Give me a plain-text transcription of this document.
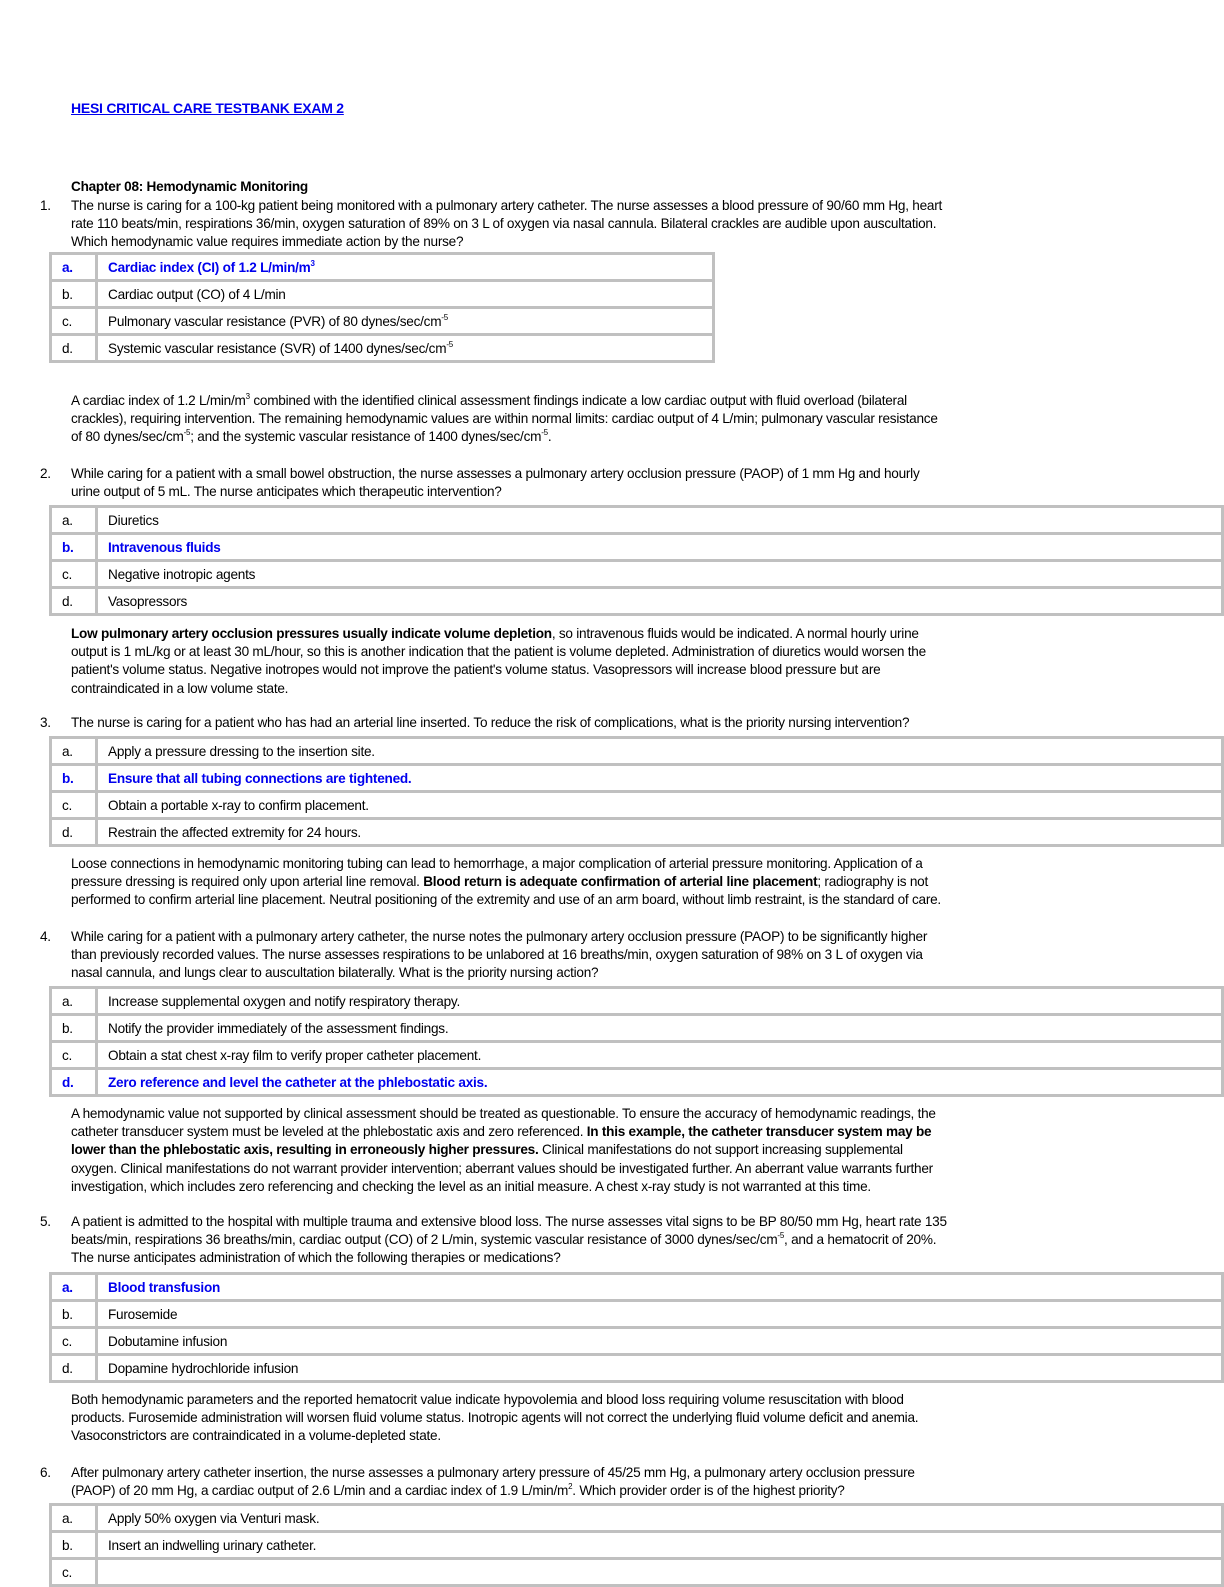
HESI CRITICAL CARE TESTBANK EXAM 2
Chapter 08: Hemodynamic Monitoring
1. The nurse is caring for a 100-kg patient being monitored with a pulmonary artery catheter. The nurse assesses a blood pressure of 90/60 mm Hg, heart
rate 110 beats/min, respirations 36/min, oxygen saturation of 89% on 3 L of oxygen via nasal cannula. Bilateral crackles are audible upon auscultation.
Which hemodynamic value requires immediate action by the nurse?
a.	Cardiac index (CI) of 1.2 $L/\min/m^3$
b.	Cardiac output (CO) of 4 L/min
c.	Pulmonary vascular resistance (PVR) of 80 dynes/$\sec/cm^{-5}$
d.	Systemic vascular resistance (SVR) of 1400 dynes/$\sec/cm^{-5}$
A cardiac index of 1.2 $L/\min/m^3$ combined with the identified clinical assessment findings indicate a low cardiac output with fluid overload (bilateral
crackles), requiring intervention. The remaining hemodynamic values are within normal limits: cardiac output of 4 L/min; pulmonary vascular resistance
of 80 dynes/$\sec/cm^{-5}$; and the systemic vascular resistance of 1400 dynes/$\sec/cm^{-5}$.
2. While caring for a patient with a small bowel obstruction, the nurse assesses a pulmonary artery occlusion pressure (PAOP) of 1 mm Hg and hourly
urine output of 5 mL. The nurse anticipates which therapeutic intervention?
a.	Diuretics
b.	Intravenous fluids
c.	Negative inotropic agents
d.	Vasopressors
Low pulmonary artery occlusion pressures usually indicate volume depletion, so intravenous fluids would be indicated. A normal hourly urine
output is 1 mL/kg or at least 30 mL/hour, so this is another indication that the patient is volume depleted. Administration of diuretics would worsen the
patient's volume status. Negative inotropes would not improve the patient's volume status. Vasopressors will increase blood pressure but are
contraindicated in a low volume state.
3. The nurse is caring for a patient who has had an arterial line inserted. To reduce the risk of complications, what is the priority nursing intervention?
a.	Apply a pressure dressing to the insertion site.
b.	Ensure that all tubing connections are tightened.
c.	Obtain a portable x-ray to confirm placement.
d.	Restrain the affected extremity for 24 hours.
Loose connections in hemodynamic monitoring tubing can lead to hemorrhage, a major complication of arterial pressure monitoring. Application of a
pressure dressing is required only upon arterial line removal. Blood return is adequate confirmation of arterial line placement; radiography is not
performed to confirm arterial line placement. Neutral positioning of the extremity and use of an arm board, without limb restraint, is the standard of care.
4. While caring for a patient with a pulmonary artery catheter, the nurse notes the pulmonary artery occlusion pressure (PAOP) to be significantly higher
than previously recorded values. The nurse assesses respirations to be unlabored at 16 breaths/min, oxygen saturation of 98% on 3 L of oxygen via
nasal cannula, and lungs clear to auscultation bilaterally. What is the priority nursing action?
a.	Increase supplemental oxygen and notify respiratory therapy.
b.	Notify the provider immediately of the assessment findings.
c.	Obtain a stat chest x-ray film to verify proper catheter placement.
d.	Zero reference and level the catheter at the phlebostatic axis.
A hemodynamic value not supported by clinical assessment should be treated as questionable. To ensure the accuracy of hemodynamic readings, the
catheter transducer system must be leveled at the phlebostatic axis and zero referenced. In this example, the catheter transducer system may be
lower than the phlebostatic axis, resulting in erroneously higher pressures. Clinical manifestations do not support increasing supplemental
oxygen. Clinical manifestations do not warrant provider intervention; aberrant values should be investigated further. An aberrant value warrants further
investigation, which includes zero referencing and checking the level as an initial measure. A chest x-ray study is not warranted at this time.
5. A patient is admitted to the hospital with multiple trauma and extensive blood loss. The nurse assesses vital signs to be BP 80/50 mm Hg, heart rate 135
beats/min, respirations 36 breaths/min, cardiac output (CO) of 2 L/min, systemic vascular resistance of 3000 dynes/$\sec/cm^{-5}$, and a hematocrit of 20%.
The nurse anticipates administration of which the following therapies or medications?
a.	Blood transfusion
b.	Furosemide
c.	Dobutamine infusion
d.	Dopamine hydrochloride infusion
Both hemodynamic parameters and the reported hematocrit value indicate hypovolemia and blood loss requiring volume resuscitation with blood
products. Furosemide administration will worsen fluid volume status. Inotropic agents will not correct the underlying fluid volume deficit and anemia.
Vasoconstrictors are contraindicated in a volume-depleted state.
6. After pulmonary artery catheter insertion, the nurse assesses a pulmonary artery pressure of 45/25 mm Hg, a pulmonary artery occlusion pressure
(PAOP) of 20 mm Hg, a cardiac output of 2.6 L/min and a cardiac index of 1.9 $L/\min/m^2$. Which provider order is of the highest priority?
a.	Apply 50% oxygen via Venturi mask.
b.	Insert an indwelling urinary catheter.
c.	
